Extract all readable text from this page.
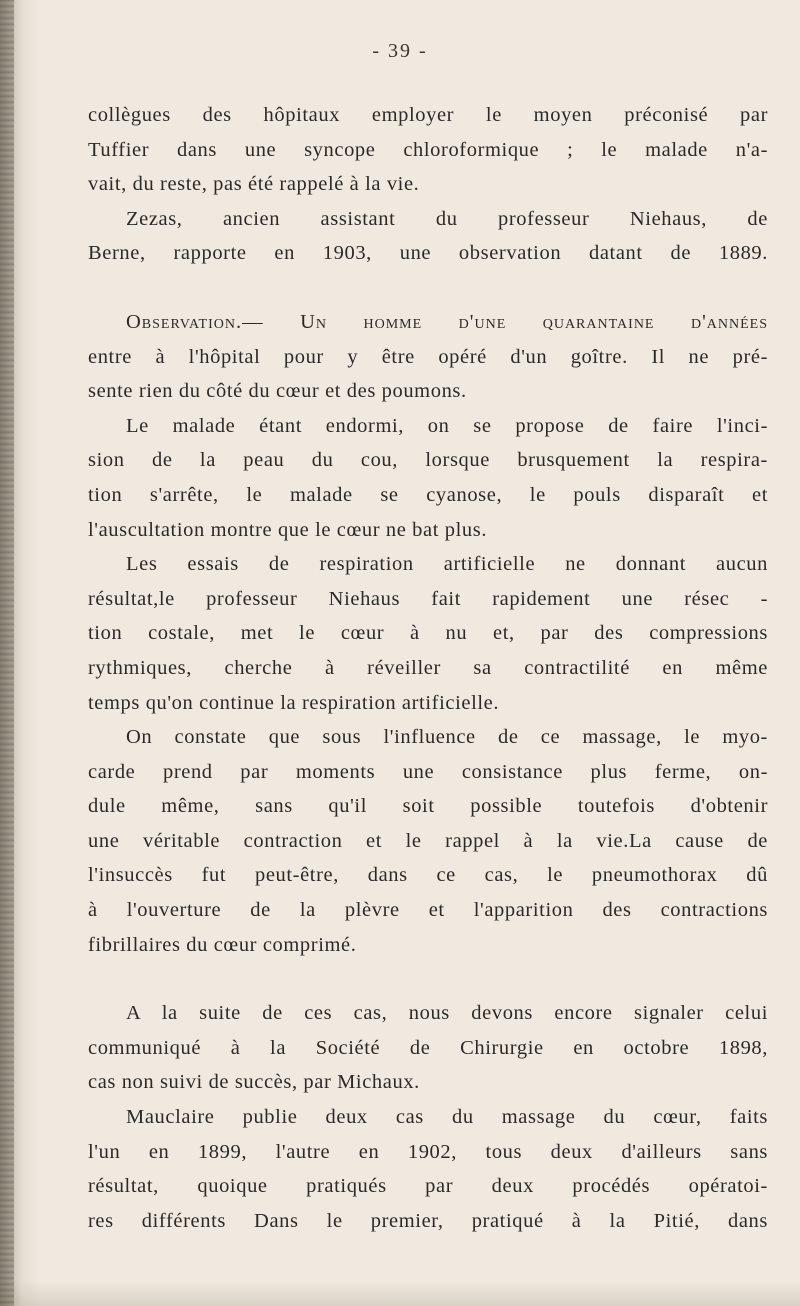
- 39 -
collègues des hôpitaux employer le moyen préconisé par
Tuffier dans une syncope chloroformique ; le malade n'a-
vait, du reste, pas été rappelé à la vie.
Zezas, ancien assistant du professeur Niehaus, de
Berne, rapporte en 1903, une observation datant de 1889.
Observation.— Un homme d'une quarantaine d'années
entre à l'hôpital pour y être opéré d'un goître. Il ne pré-
sente rien du côté du cœur et des poumons.
Le malade étant endormi, on se propose de faire l'inci-
sion de la peau du cou, lorsque brusquement la respira-
tion s'arrête, le malade se cyanose, le pouls disparaît et
l'auscultation montre que le cœur ne bat plus.
Les essais de respiration artificielle ne donnant aucun
résultat,le professeur Niehaus fait rapidement une résec -
tion costale, met le cœur à nu et, par des compressions
rythmiques, cherche à réveiller sa contractilité en même
temps qu'on continue la respiration artificielle.
On constate que sous l'influence de ce massage, le myo-
carde prend par moments une consistance plus ferme, on-
dule même, sans qu'il soit possible toutefois d'obtenir
une véritable contraction et le rappel à la vie.La cause de
l'insuccès fut peut-être, dans ce cas, le pneumothorax dû
à l'ouverture de la plèvre et l'apparition des contractions
fibrillaires du cœur comprimé.
A la suite de ces cas, nous devons encore signaler celui
communiqué à la Société de Chirurgie en octobre 1898,
cas non suivi de succès, par Michaux.
Mauclaire publie deux cas du massage du cœur, faits
l'un en 1899, l'autre en 1902, tous deux d'ailleurs sans
résultat, quoique pratiqués par deux procédés opératoi-
res différents Dans le premier, pratiqué à la Pitié, dans
